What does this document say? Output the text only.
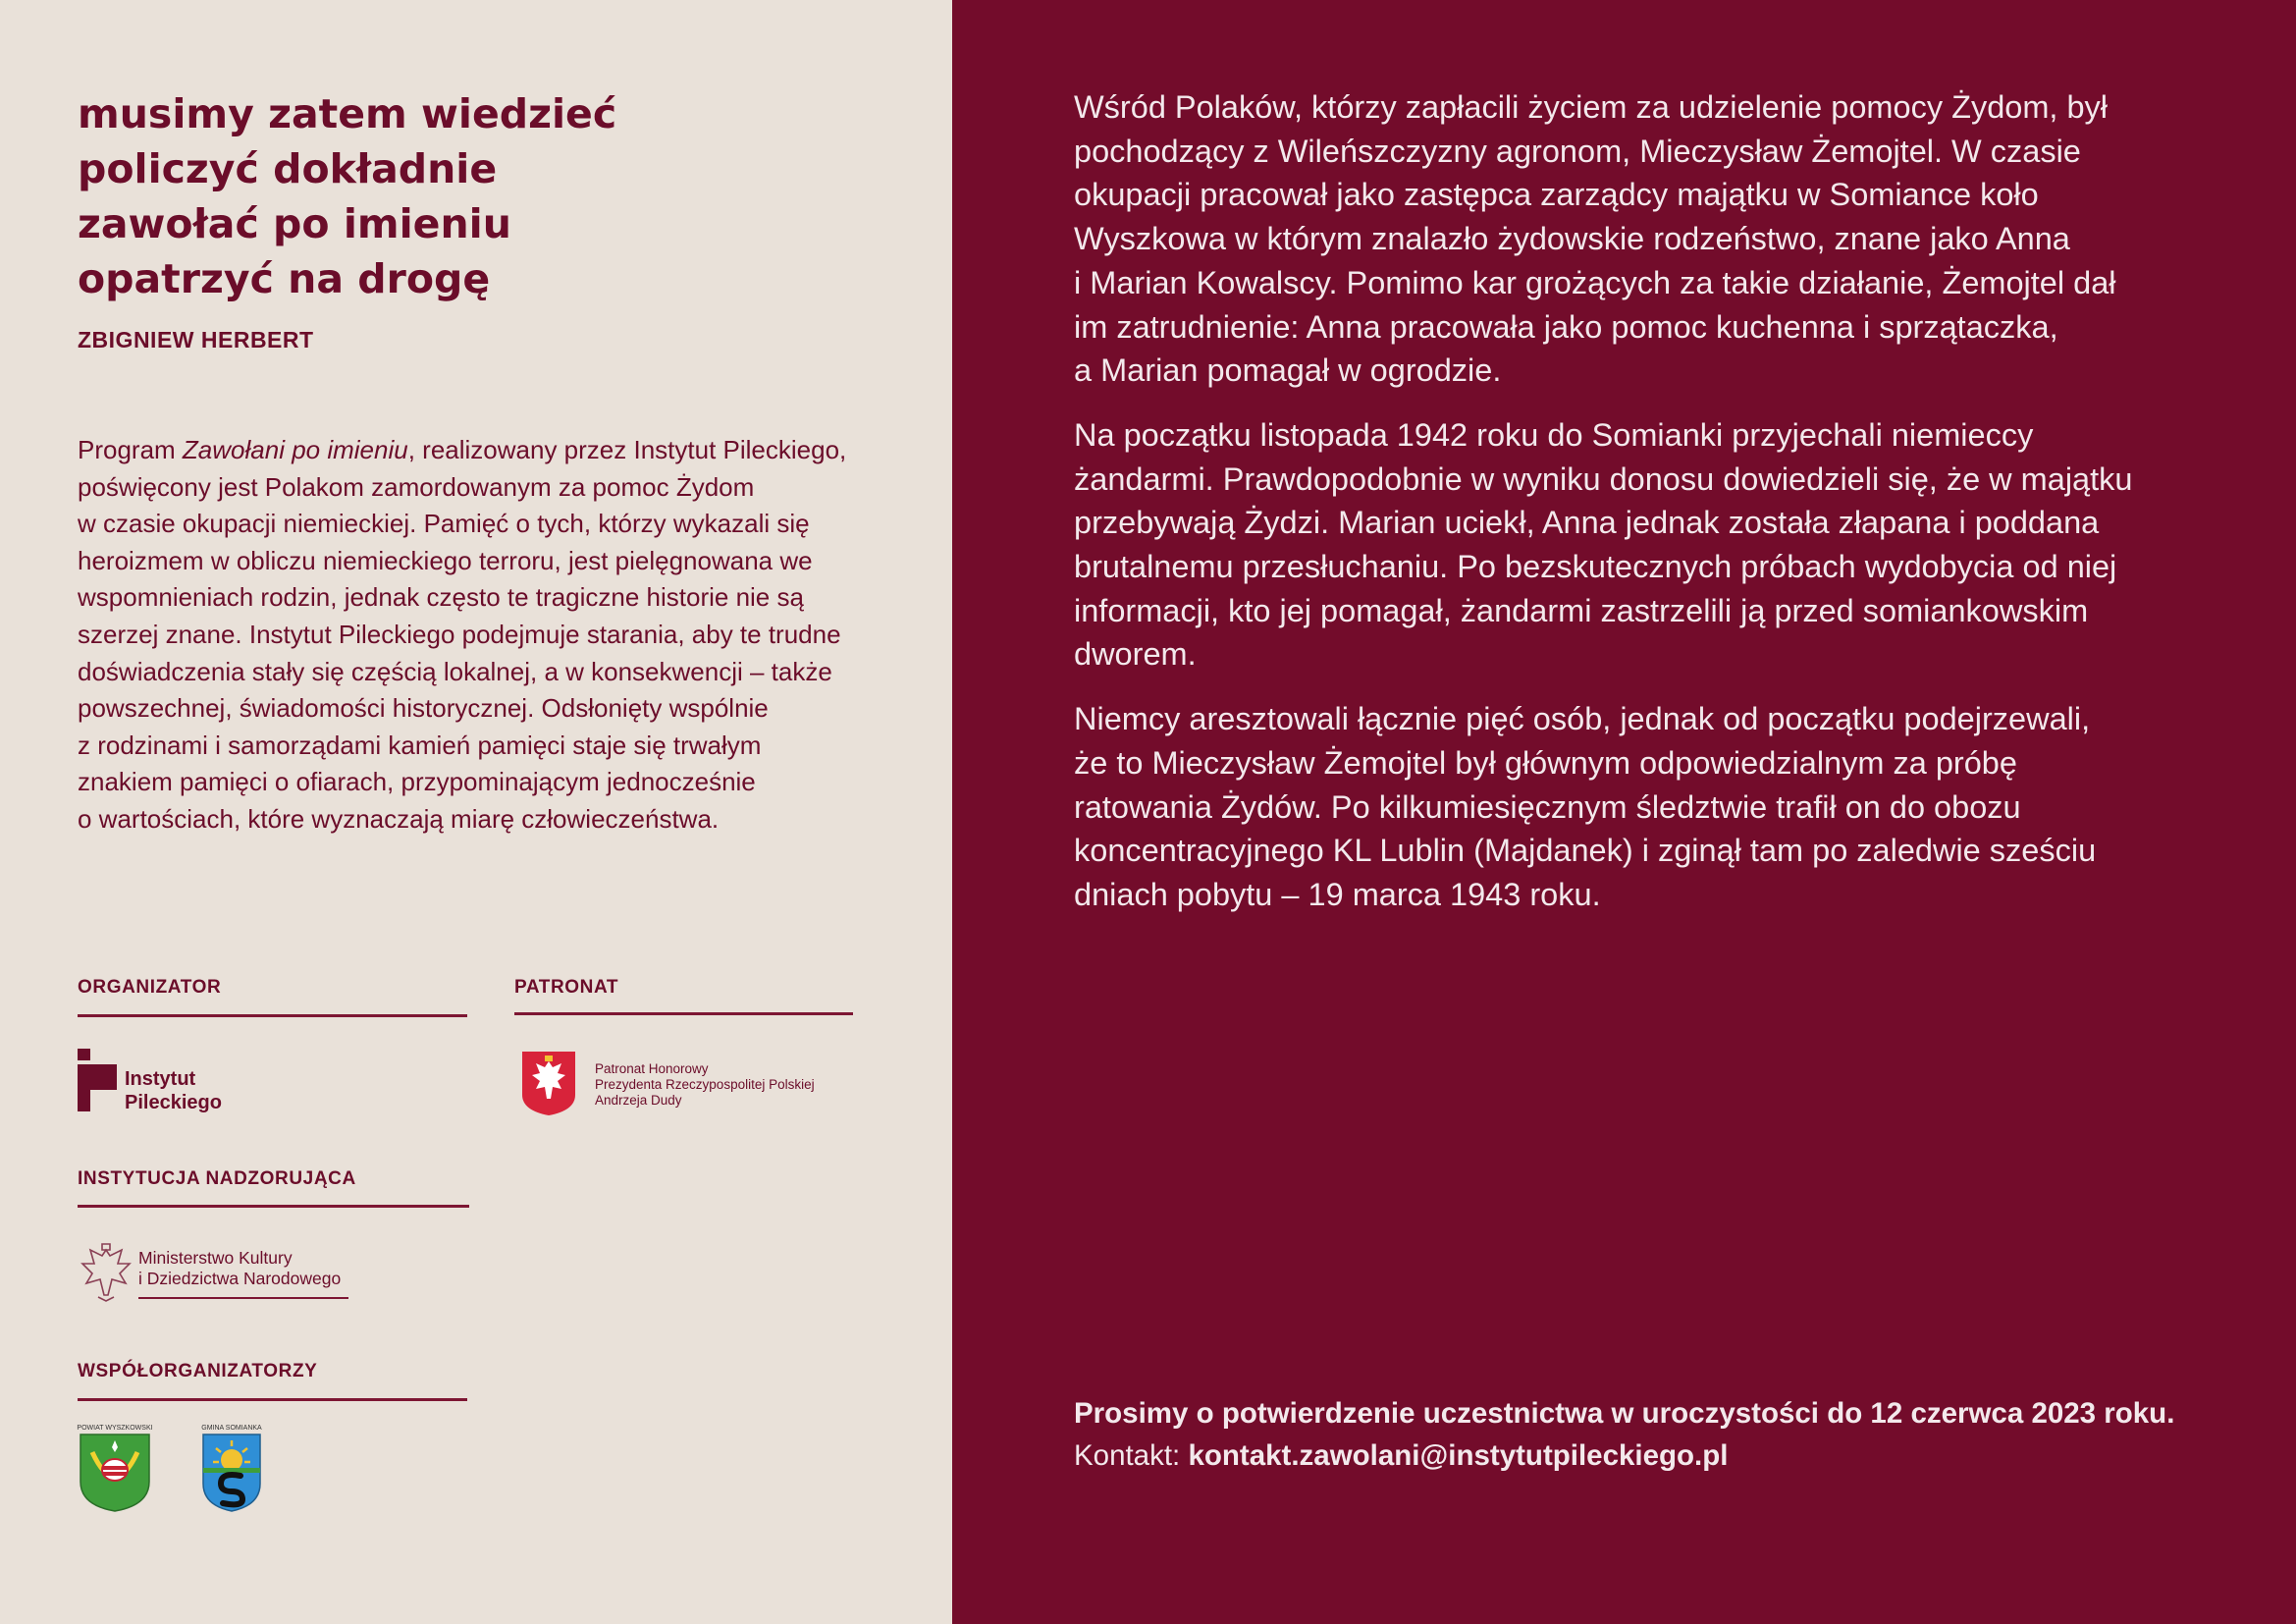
musimy zatem wiedzieć
policzyć dokładnie
zawołać po imieniu
opatrzyć na drogę
ZBIGNIEW HERBERT
Program Zawołani po imieniu, realizowany przez Instytut Pileckiego,
poświęcony jest Polakom zamordowanym za pomoc Żydom
w czasie okupacji niemieckiej. Pamięć o tych, którzy wykazali się
heroizmem w obliczu niemieckiego terroru, jest pielęgnowana we
wspomnieniach rodzin, jednak często te tragiczne historie nie są
szerzej znane. Instytut Pileckiego podejmuje starania, aby te trudne
doświadczenia stały się częścią lokalnej, a w konsekwencji – także
powszechnej, świadomości historycznej. Odsłonięty wspólnie
z rodzinami i samorządami kamień pamięci staje się trwałym
znakiem pamięci o ofiarach, przypominającym jednocześnie
o wartościach, które wyznaczają miarę człowieczeństwa.
ORGANIZATOR
Instytut
Pileckiego
PATRONAT
Patronat Honorowy
Prezydenta Rzeczypospolitej Polskiej
Andrzeja Dudy
INSTYTUCJA NADZORUJĄCA
Ministerstwo Kultury
i Dziedzictwa Narodowego
WSPÓŁORGANIZATORZY
POWIAT WYSZKOWSKI	GMINA SOMIANKA
Wśród Polaków, którzy zapłacili życiem za udzielenie pomocy Żydom, był
pochodzący z Wileńszczyzny agronom, Mieczysław Żemojtel. W czasie
okupacji pracował jako zastępca zarządcy majątku w Somiance koło
Wyszkowa w którym znalazło żydowskie rodzeństwo, znane jako Anna
i Marian Kowalscy. Pomimo kar grożących za takie działanie, Żemojtel dał
im zatrudnienie: Anna pracowała jako pomoc kuchenna i sprzątaczka,
a Marian pomagał w ogrodzie.
Na początku listopada 1942 roku do Somianki przyjechali niemieccy
żandarmi. Prawdopodobnie w wyniku donosu dowiedzieli się, że w majątku
przebywają Żydzi. Marian uciekł, Anna jednak została złapana i poddana
brutalnemu przesłuchaniu. Po bezskutecznych próbach wydobycia od niej
informacji, kto jej pomagał, żandarmi zastrzelili ją przed somiankowskim
dworem.
Niemcy aresztowali łącznie pięć osób, jednak od początku podejrzewali,
że to Mieczysław Żemojtel był głównym odpowiedzialnym za próbę
ratowania Żydów. Po kilkumiesięcznym śledztwie trafił on do obozu
koncentracyjnego KL Lublin (Majdanek) i zginął tam po zaledwie sześciu
dniach pobytu – 19 marca 1943 roku.
Prosimy o potwierdzenie uczestnictwa w uroczystości do 12 czerwca 2023 roku.
Kontakt: kontakt.zawolani@instytutpileckiego.pl
